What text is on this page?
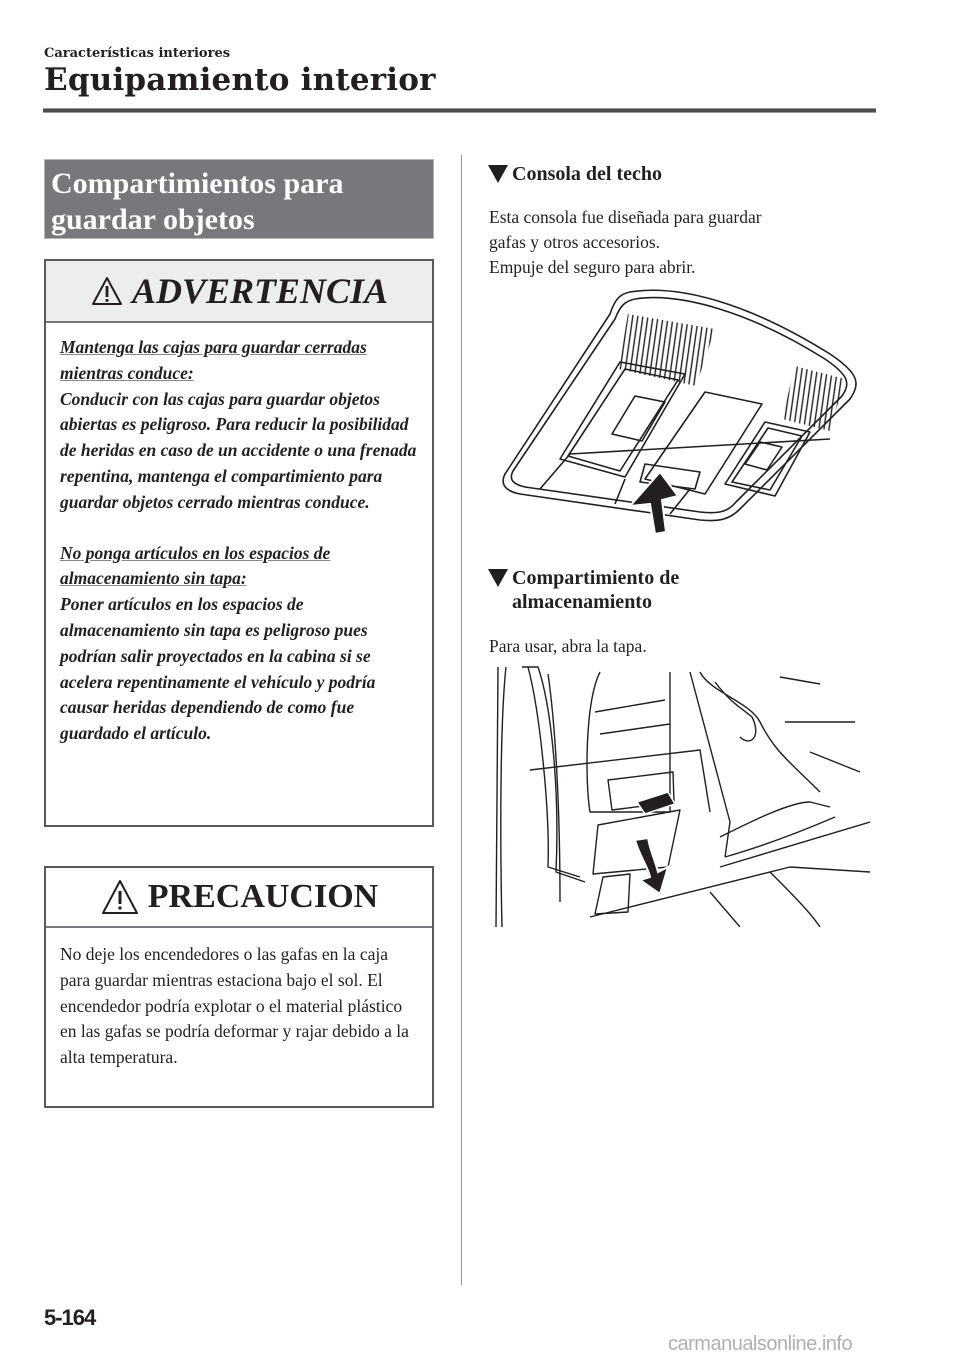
Características interiores
Equipamiento interior
Compartimientos para
guardar objetos
ADVERTENCIA

Mantenga las cajas para guardar cerradas mientras conduce:
Conducir con las cajas para guardar objetos abiertas es peligroso. Para reducir la posibilidad de heridas en caso de un accidente o una frenada repentina, mantenga el compartimiento para guardar objetos cerrado mientras conduce.

No ponga artículos en los espacios de almacenamiento sin tapa:
Poner artículos en los espacios de almacenamiento sin tapa es peligroso pues podrían salir proyectados en la cabina si se acelera repentinamente el vehículo y podría causar heridas dependiendo de como fue guardado el artículo.

PRECAUCION
No deje los encendedores o las gafas en la caja para guardar mientras estaciona bajo el sol. El encendedor podría explotar o el material plástico en las gafas se podría deformar y rajar debido a la alta temperatura.
Consola del techo
Esta consola fue diseñada para guardar
gafas y otros accesorios.
Empuje del seguro para abrir.
Compartimiento de
almacenamiento
Para usar, abra la tapa.
5-164
carmanualsonline.info
